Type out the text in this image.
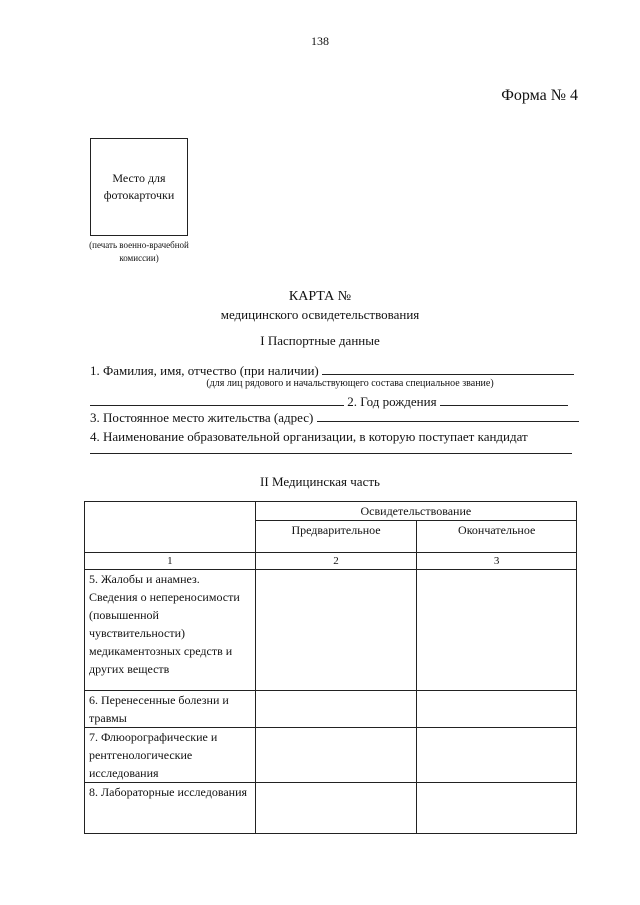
138
Форма № 4
Место для фотокарточки
(печать военно-врачебной комиссии)
КАРТА №
медицинского освидетельствования
I Паспортные данные
1. Фамилия, имя, отчество (при наличии)
(для лиц рядового и начальствующего состава специальное звание)
2. Год рождения
3. Постоянное место жительства (адрес)
4. Наименование образовательной организации, в которую поступает кандидат
II Медицинская часть
	Освидетельствование	
	Предварительное	Окончательное
1	2	3
5. Жалобы и анамнез. Сведения о непереносимости (повышенной чувствительности) медикаментозных средств и других веществ		
6. Перенесенные болезни и травмы		
7. Флюорографические и рентгенологические исследования		
8. Лабораторные исследования		
